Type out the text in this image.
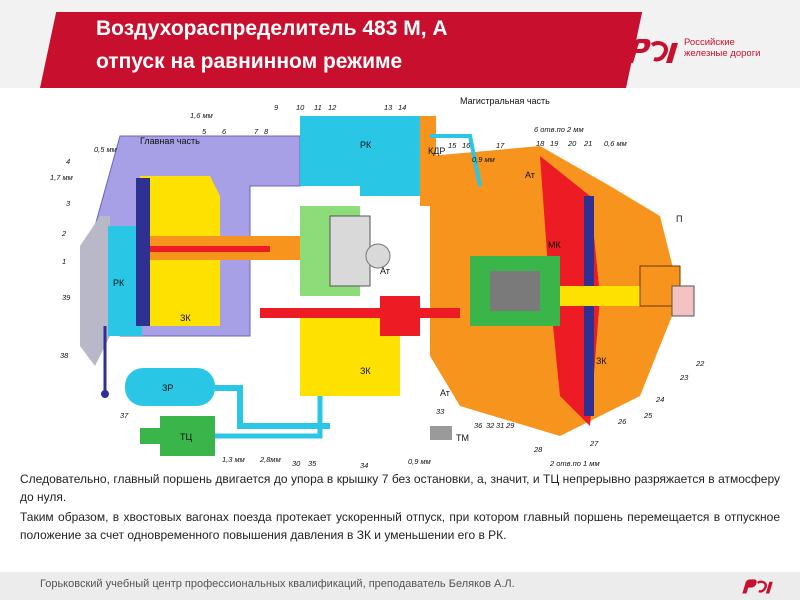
Воздухораспределитель 483 М, А
отпуск на равнинном режиме
Российские
железные дороги
РК
ЗК
РК
ЗК
ЗР
ТЦ
Ат
Ат
Ат
МК
КДР
ТМ
П
ЗК
Главная часть
Магистральная часть
1
2
3
4
5 6	7 8
9 10 11 12	13 14
15 16	17	18 19 20 21
22
23
24
25
26
27
28
29
31
32
30 35
33
34
36
37
38
39
0,5 мм
1,7 мм
1,6 мм
0,9 мм
6 отв.по 2 мм
0,6 мм
1,3 мм 2,8мм	0,9 мм	2 отв.по 1 мм

Следовательно, главный поршень двигается до упора в крышку 7 без остановки, а, значит, и ТЦ непрерывно разряжается в атмосферу до нуля.

Таким образом, в хвостовых вагонах поезда протекает ускоренный отпуск, при котором главный поршень перемещается в отпускное положение за счет одновременного повышения давления в ЗК и уменьшении его в РК.

Горьковский учебный центр профессиональных квалификаций, преподаватель Беляков А.Л.
